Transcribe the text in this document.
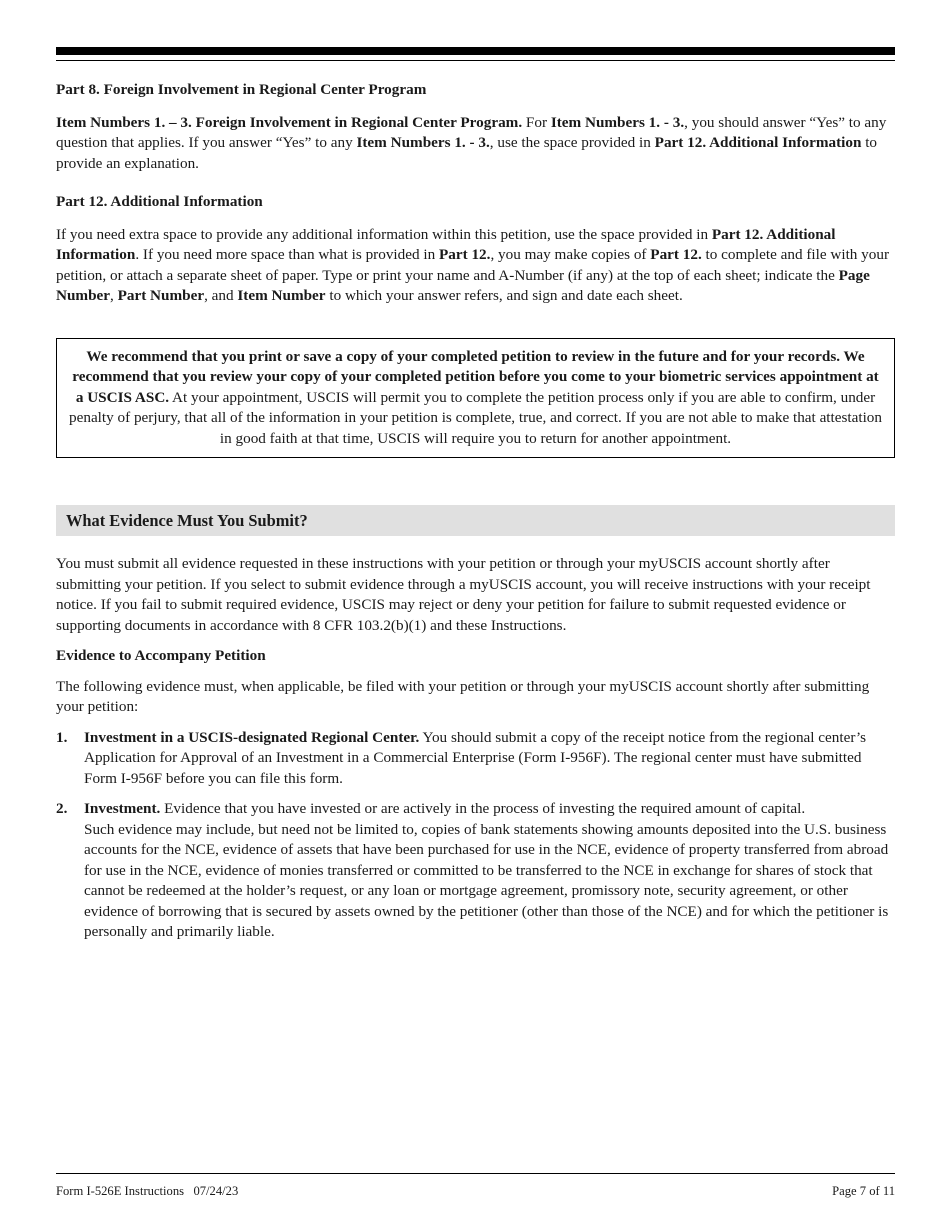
Part 8. Foreign Involvement in Regional Center Program

Item Numbers 1. – 3. Foreign Involvement in Regional Center Program. For Item Numbers 1. - 3., you should answer “Yes” to any question that applies. If you answer “Yes” to any Item Numbers 1. - 3., use the space provided in Part 12. Additional Information to provide an explanation.

Part 12. Additional Information

If you need extra space to provide any additional information within this petition, use the space provided in Part 12. Additional Information. If you need more space than what is provided in Part 12., you may make copies of Part 12. to complete and file with your petition, or attach a separate sheet of paper. Type or print your name and A-Number (if any) at the top of each sheet; indicate the Page Number, Part Number, and Item Number to which your answer refers, and sign and date each sheet.

We recommend that you print or save a copy of your completed petition to review in the future and for your records. We recommend that you review your copy of your completed petition before you come to your biometric services appointment at a USCIS ASC. At your appointment, USCIS will permit you to complete the petition process only if you are able to confirm, under penalty of perjury, that all of the information in your petition is complete, true, and correct. If you are not able to make that attestation in good faith at that time, USCIS will require you to return for another appointment.
What Evidence Must You Submit?

You must submit all evidence requested in these instructions with your petition or through your myUSCIS account shortly after submitting your petition. If you select to submit evidence through a myUSCIS account, you will receive instructions with your receipt notice. If you fail to submit required evidence, USCIS may reject or deny your petition for failure to submit requested evidence or supporting documents in accordance with 8 CFR 103.2(b)(1) and these Instructions.

Evidence to Accompany Petition

The following evidence must, when applicable, be filed with your petition or through your myUSCIS account shortly after submitting your petition:

1. Investment in a USCIS-designated Regional Center. You should submit a copy of the receipt notice from the regional center’s Application for Approval of an Investment in a Commercial Enterprise (Form I-956F). The regional center must have submitted Form I-956F before you can file this form.
2. Investment. Evidence that you have invested or are actively in the process of investing the required amount of capital.

Such evidence may include, but need not be limited to, copies of bank statements showing amounts deposited into the U.S. business accounts for the NCE, evidence of assets that have been purchased for use in the NCE, evidence of property transferred from abroad for use in the NCE, evidence of monies transferred or committed to be transferred to the NCE in exchange for shares of stock that cannot be redeemed at the holder’s request, or any loan or mortgage agreement, promissory note, security agreement, or other evidence of borrowing that is secured by assets owned by the petitioner (other than those of the NCE) and for which the petitioner is personally and primarily liable.

Form I-526E Instructions   07/24/23	Page 7 of 11
